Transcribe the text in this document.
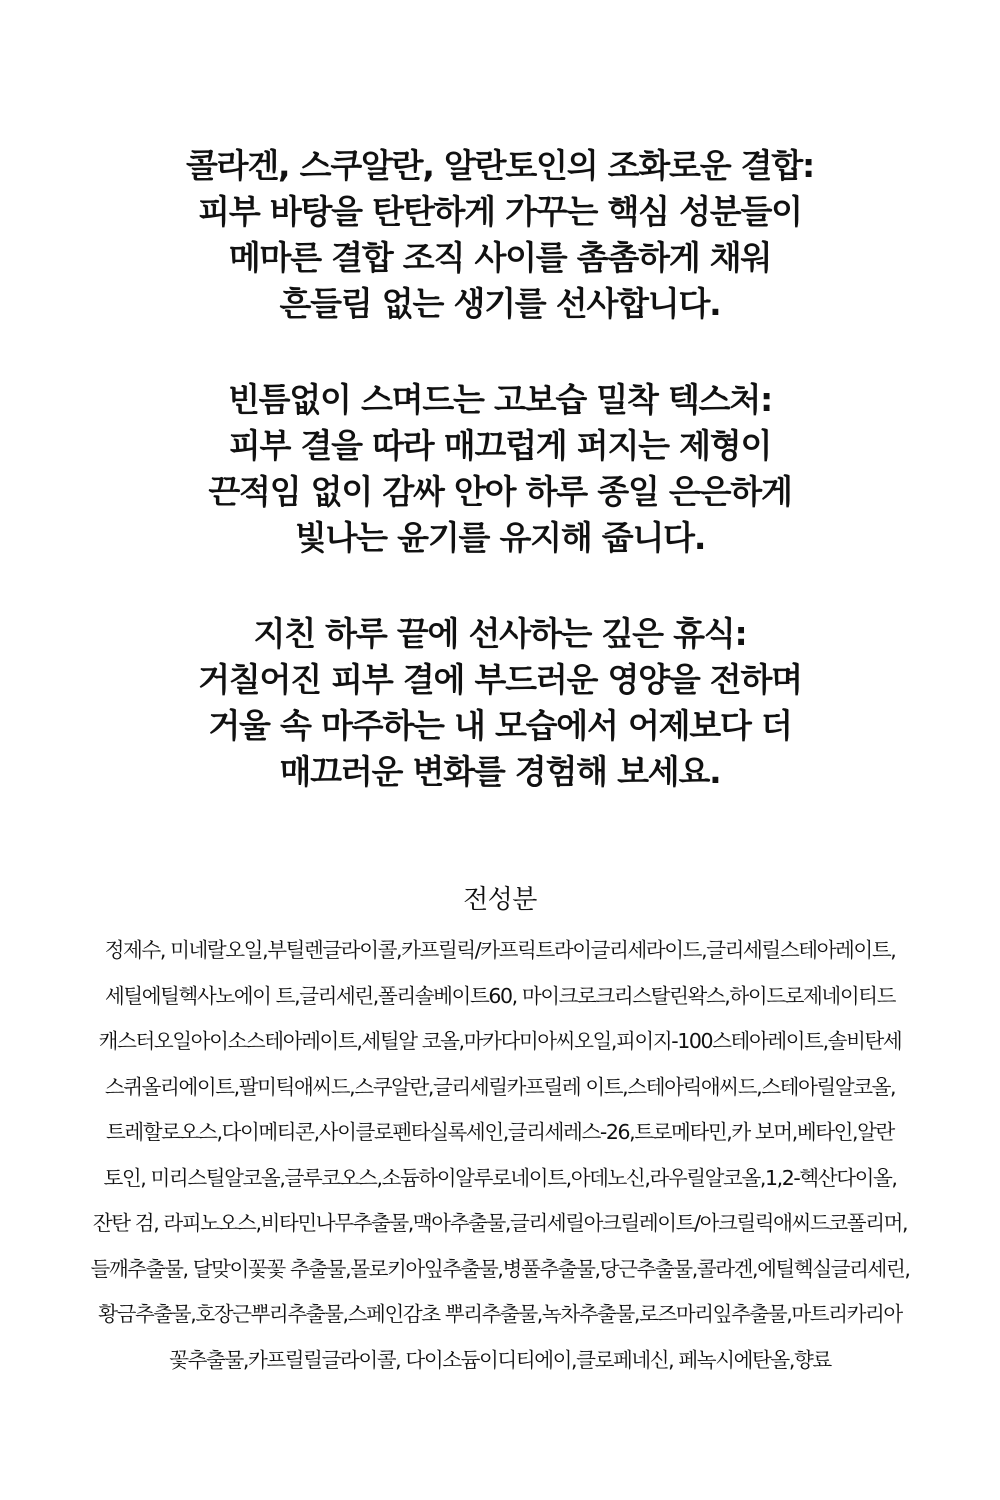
콜라겐, 스쿠알란, 알란토인의 조화로운 결합:
피부 바탕을 탄탄하게 가꾸는 핵심 성분들이
메마른 결합 조직 사이를 촘촘하게 채워
흔들림 없는 생기를 선사합니다.
빈틈없이 스며드는 고보습 밀착 텍스처:
피부 결을 따라 매끄럽게 퍼지는 제형이
끈적임 없이 감싸 안아 하루 종일 은은하게
빛나는 윤기를 유지해 줍니다.
지친 하루 끝에 선사하는 깊은 휴식:
거칠어진 피부 결에 부드러운 영양을 전하며
거울 속 마주하는 내 모습에서 어제보다 더
매끄러운 변화를 경험해 보세요.
전성분
정제수, 미네랄오일,부틸렌글라이콜,카프릴릭/카프릭트라이글리세라이드,글리세릴스테아레이트,
세틸에틸헥사노에이 트,글리세린,폴리솔베이트60, 마이크로크리스탈린왁스,하이드로제네이티드
캐스터오일아이소스테아레이트,세틸알 코올,마카다미아씨오일,피이지-100스테아레이트,솔비탄세
스퀴올리에이트,팔미틱애씨드,스쿠알란,글리세릴카프릴레 이트,스테아릭애씨드,스테아릴알코올,
트레할로오스,다이메티콘,사이클로펜타실록세인,글리세레스-26,트로메타민,카 보머,베타인,알란
토인, 미리스틸알코올,글루코오스,소듐하이알루로네이트,아데노신,라우릴알코올,1,2-헥산다이올,
잔탄 검, 라피노오스,비타민나무추출물,맥아추출물,글리세릴아크릴레이트/아크릴릭애씨드코폴리머,
들깨추출물, 달맞이꽃꽃 추출물,몰로키아잎추출물,병풀추출물,당근추출물,콜라겐,에틸헥실글리세린,
황금추출물,호장근뿌리추출물,스페인감초 뿌리추출물,녹차추출물,로즈마리잎추출물,마트리카리아
꽃추출물,카프릴릴글라이콜, 다이소듐이디티에이,클로페네신, 페녹시에탄올,향료
